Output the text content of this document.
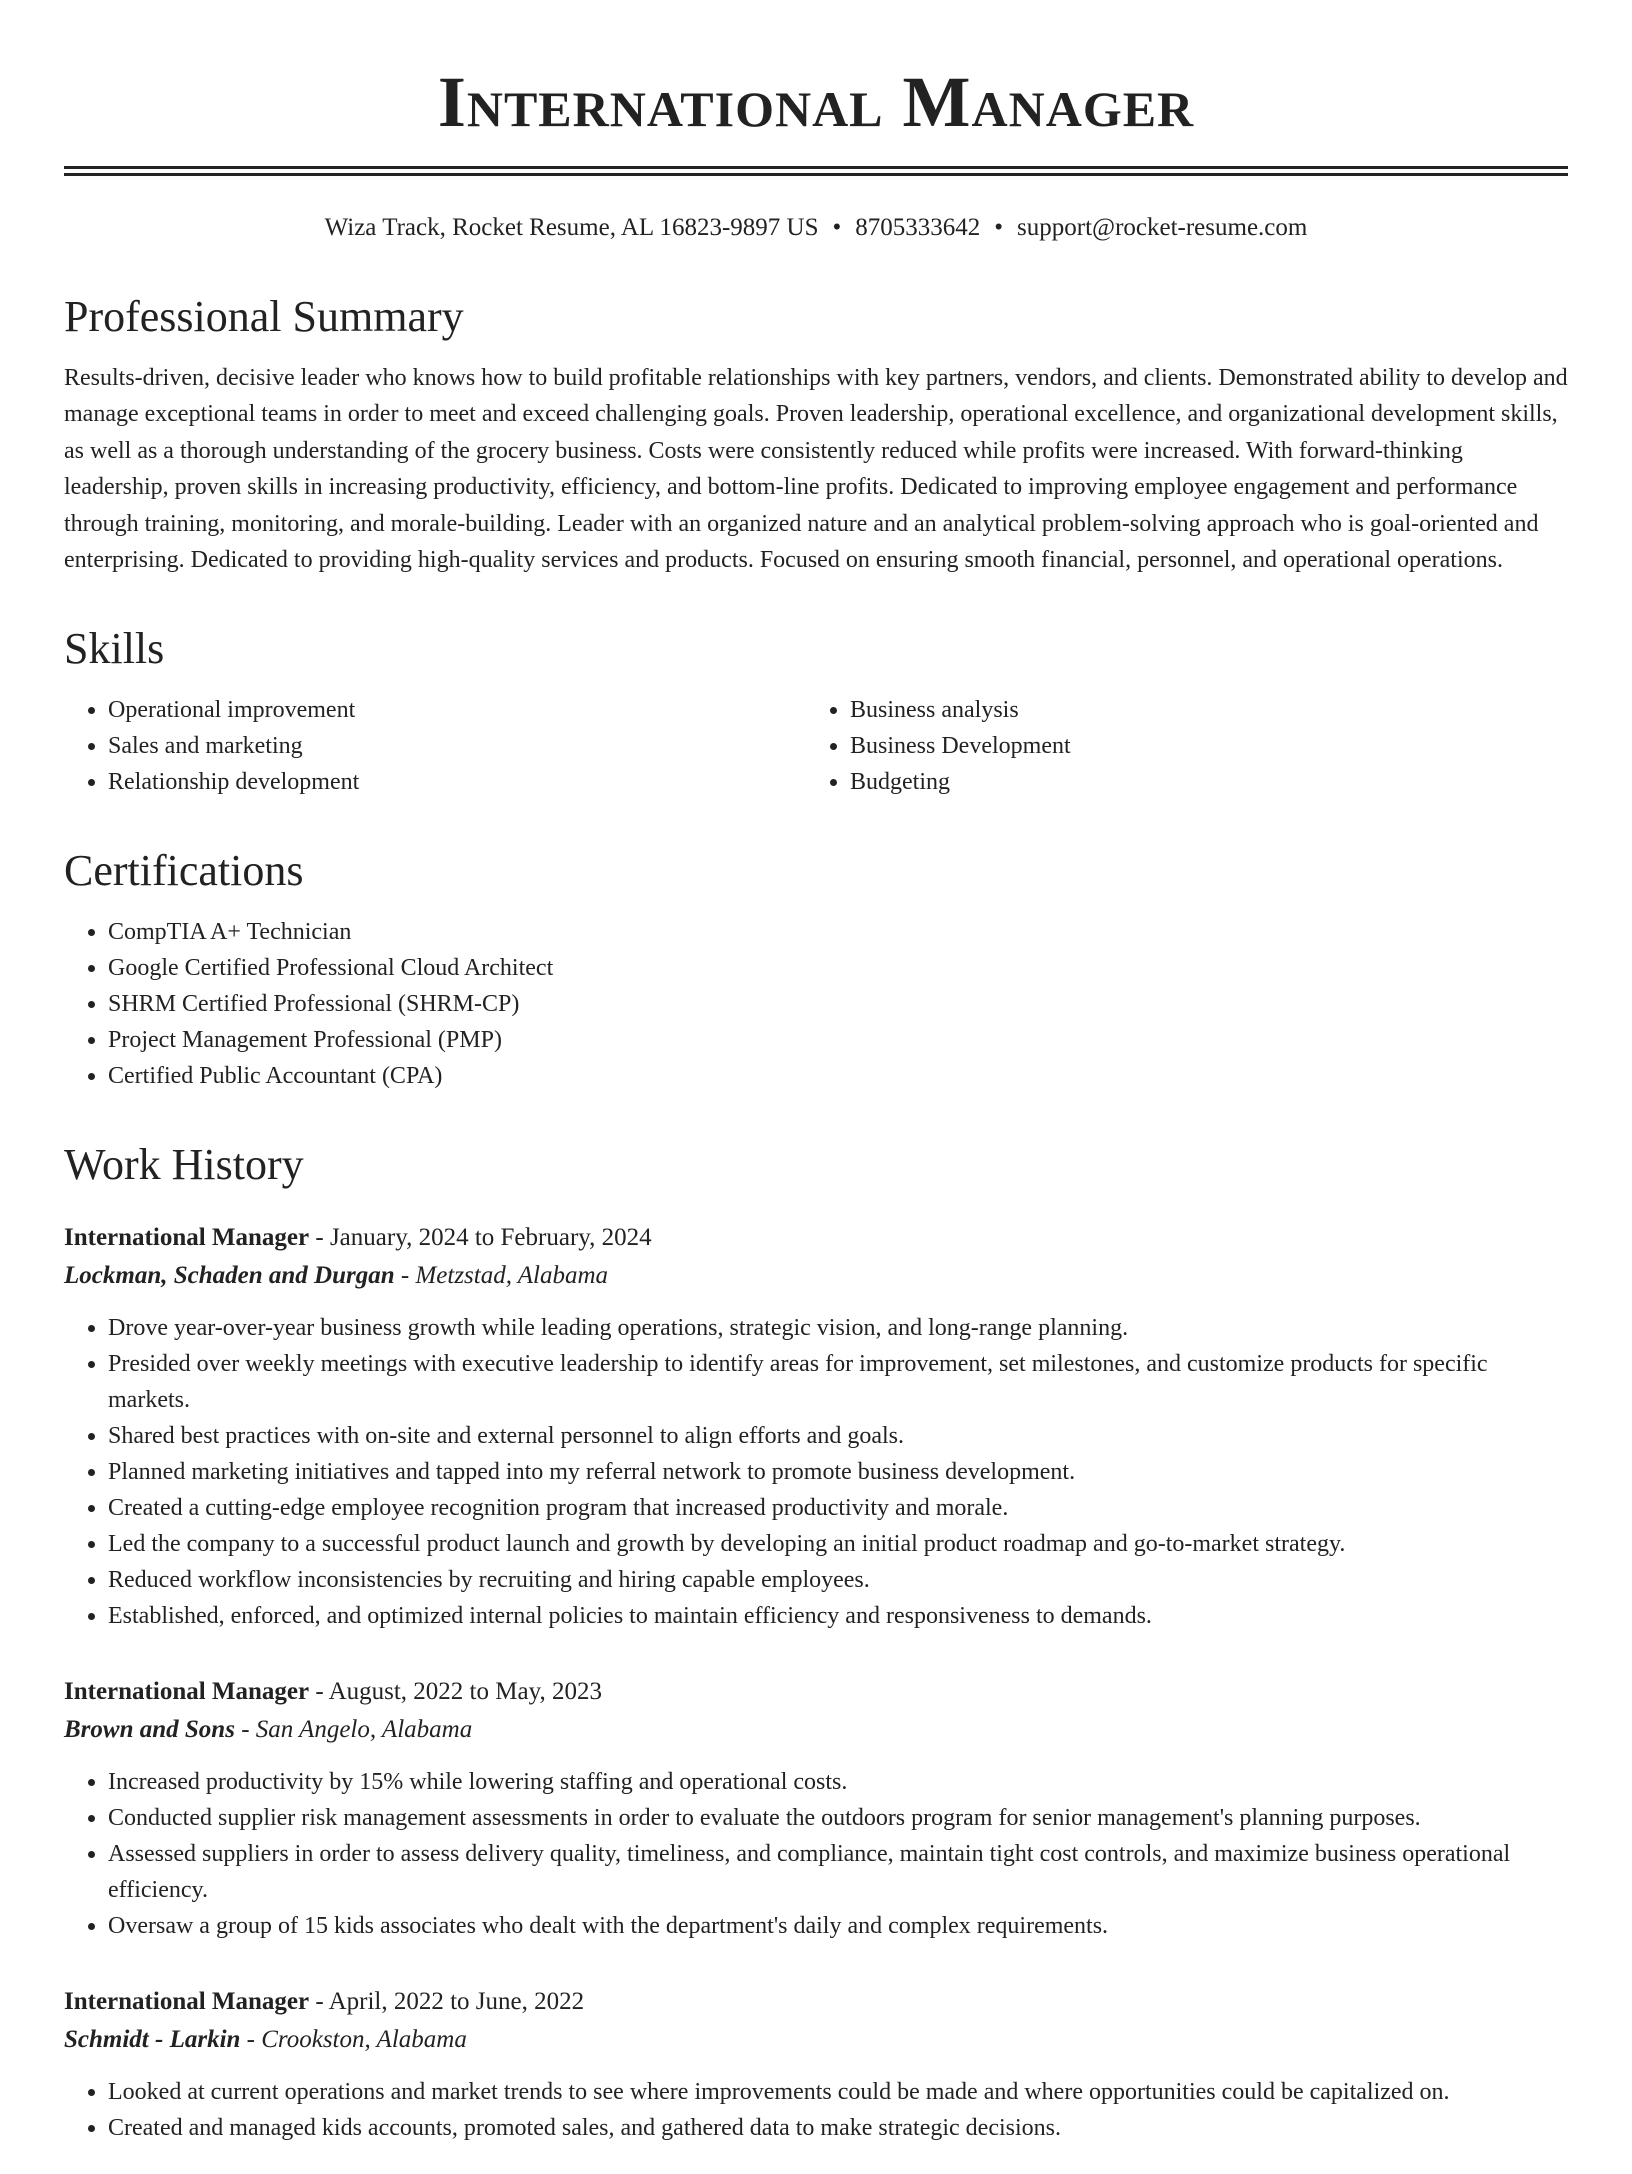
International Manager
Wiza Track, Rocket Resume, AL 16823-9897 US • 8705333642 • support@rocket-resume.com
Professional Summary
Results-driven, decisive leader who knows how to build profitable relationships with key partners, vendors, and clients. Demonstrated ability to develop and manage exceptional teams in order to meet and exceed challenging goals. Proven leadership, operational excellence, and organizational development skills, as well as a thorough understanding of the grocery business. Costs were consistently reduced while profits were increased. With forward-thinking leadership, proven skills in increasing productivity, efficiency, and bottom-line profits. Dedicated to improving employee engagement and performance through training, monitoring, and morale-building. Leader with an organized nature and an analytical problem-solving approach who is goal-oriented and enterprising. Dedicated to providing high-quality services and products. Focused on ensuring smooth financial, personnel, and operational operations.
Skills
• Operational improvement
• Sales and marketing
• Relationship development
• Business analysis
• Business Development
• Budgeting
Certifications
• CompTIA A+ Technician
• Google Certified Professional Cloud Architect
• SHRM Certified Professional (SHRM-CP)
• Project Management Professional (PMP)
• Certified Public Accountant (CPA)
Work History
International Manager - January, 2024 to February, 2024
Lockman, Schaden and Durgan - Metzstad, Alabama
• Drove year-over-year business growth while leading operations, strategic vision, and long-range planning.
• Presided over weekly meetings with executive leadership to identify areas for improvement, set milestones, and customize products for specific markets.
• Shared best practices with on-site and external personnel to align efforts and goals.
• Planned marketing initiatives and tapped into my referral network to promote business development.
• Created a cutting-edge employee recognition program that increased productivity and morale.
• Led the company to a successful product launch and growth by developing an initial product roadmap and go-to-market strategy.
• Reduced workflow inconsistencies by recruiting and hiring capable employees.
• Established, enforced, and optimized internal policies to maintain efficiency and responsiveness to demands.
International Manager - August, 2022 to May, 2023
Brown and Sons - San Angelo, Alabama
• Increased productivity by 15% while lowering staffing and operational costs.
• Conducted supplier risk management assessments in order to evaluate the outdoors program for senior management's planning purposes.
• Assessed suppliers in order to assess delivery quality, timeliness, and compliance, maintain tight cost controls, and maximize business operational efficiency.
• Oversaw a group of 15 kids associates who dealt with the department's daily and complex requirements.
International Manager - April, 2022 to June, 2022
Schmidt - Larkin - Crookston, Alabama
• Looked at current operations and market trends to see where improvements could be made and where opportunities could be capitalized on.
• Created and managed kids accounts, promoted sales, and gathered data to make strategic decisions.
